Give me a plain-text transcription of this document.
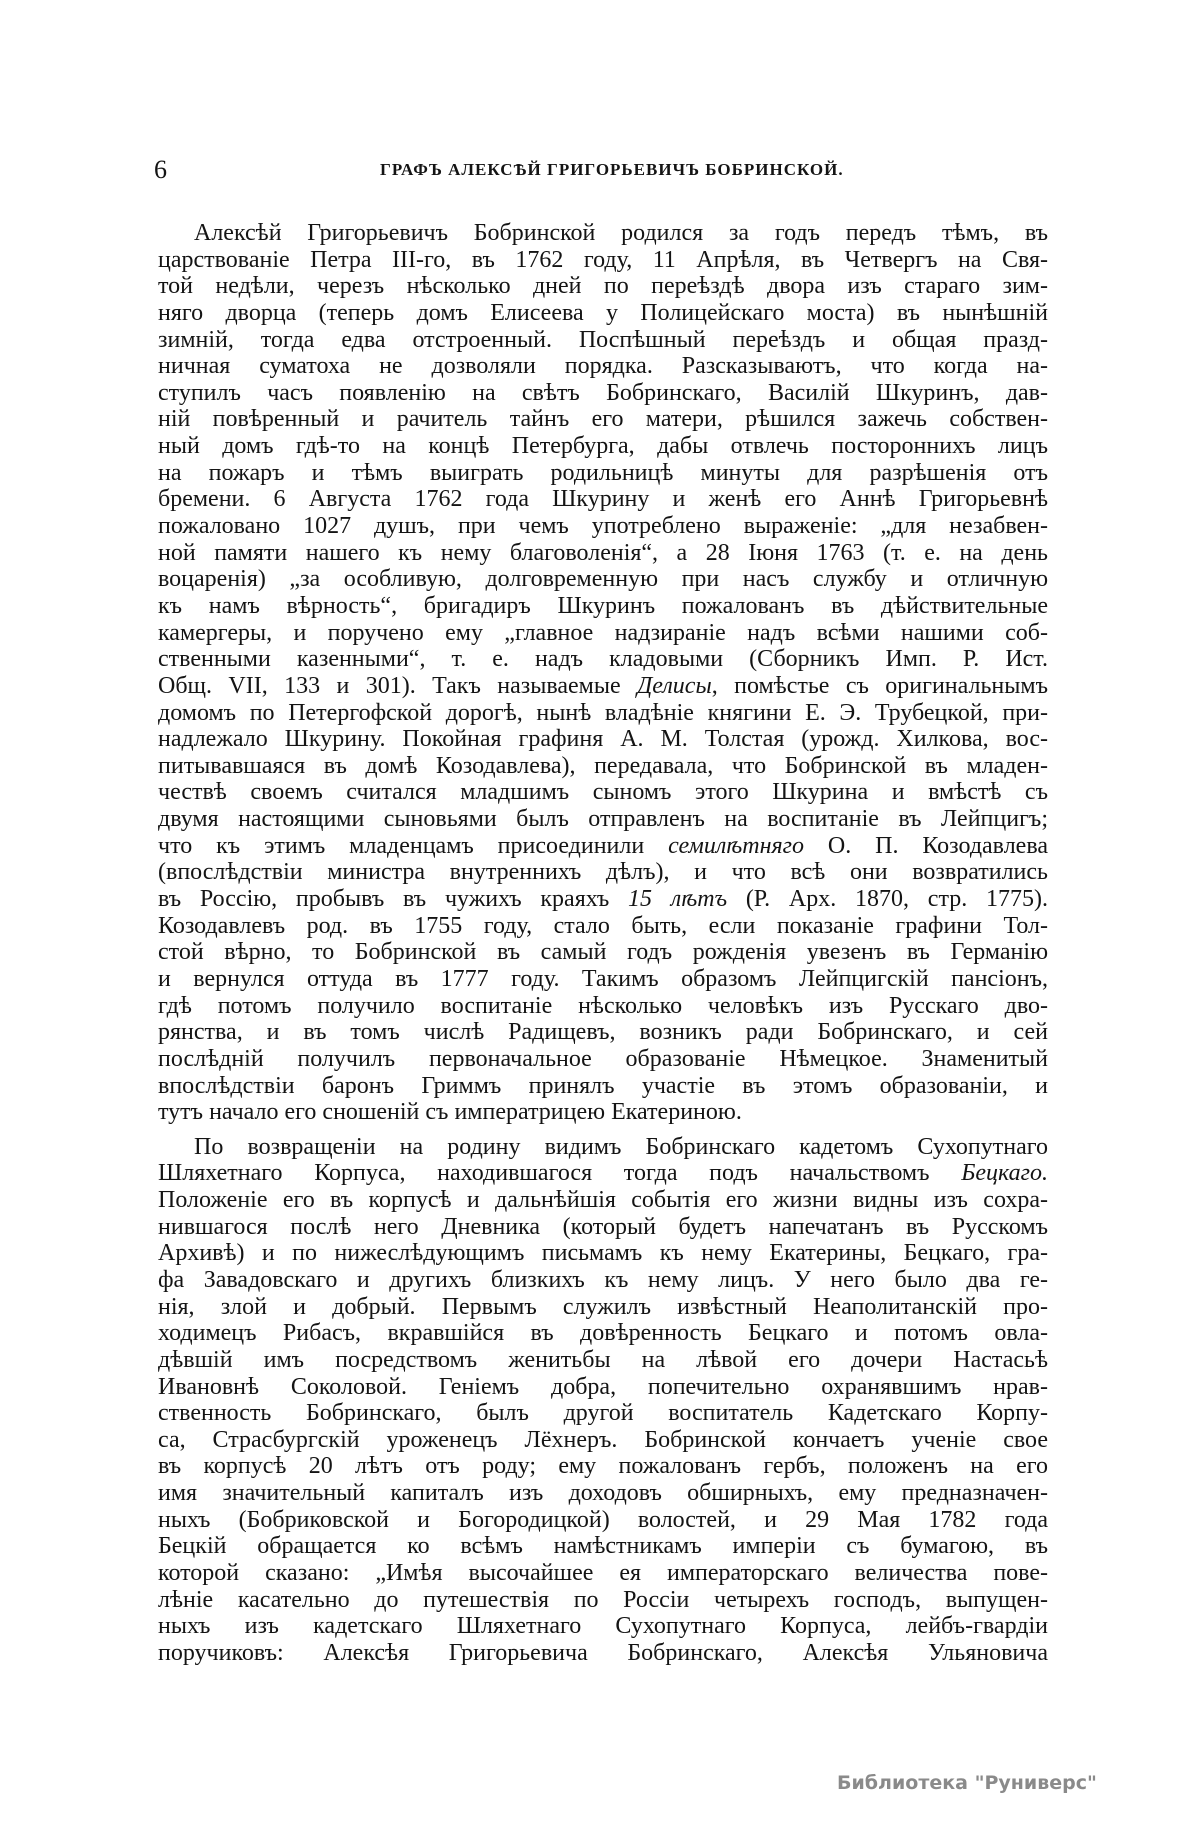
6	ГРАФЪ АЛЕКСѢЙ ГРИГОРЬЕВИЧЪ БОБРИНСКОЙ.
Алексѣй Григорьевичъ Бобринской родился за годъ передъ тѣмъ, въ
царствованіе Петра III-го, въ 1762 году, 11 Апрѣля, въ Четвергъ на Свя-
той недѣли, черезъ нѣсколько дней по переѣздѣ двора изъ стараго зим-
няго дворца (теперь домъ Елисеева у Полицейскаго моста) въ нынѣшній
зимній, тогда едва отстроенный. Поспѣшный переѣздъ и общая празд-
ничная суматоха не дозволяли порядка. Разсказываютъ, что когда на-
ступилъ часъ появленію на свѣтъ Бобринскаго, Василій Шкуринъ, дав-
ній повѣренный и рачитель тайнъ его матери, рѣшился зажечь собствен-
ный домъ гдѣ-то на концѣ Петербурга, дабы отвлечь постороннихъ лицъ
на пожаръ и тѣмъ выиграть родильницѣ минуты для разрѣшенія отъ
бремени. 6 Августа 1762 года Шкурину и женѣ его Аннѣ Григорьевнѣ
пожаловано 1027 душъ, при чемъ употреблено выраженіе: „для незабвен-
ной памяти нашего къ нему благоволенія“, а 28 Іюня 1763 (т. е. на день
воцаренія) „за особливую, долговременную при насъ службу и отличную
къ намъ вѣрность“, бригадиръ Шкуринъ пожалованъ въ дѣйствительные
камергеры, и поручено ему „главное надзираніе надъ всѣми нашими соб-
ственными казенными“, т. е. надъ кладовыми (Сборникъ Имп. Р. Ист.
Общ. VII, 133 и 301). Такъ называемые Делисы, помѣстье съ оригинальнымъ
домомъ по Петергофской дорогѣ, нынѣ владѣніе княгини Е. Э. Трубецкой, при-
надлежало Шкурину. Покойная графиня А. М. Толстая (урожд. Хилкова, вос-
питывавшаяся въ домѣ Козодавлева), передавала, что Бобринской въ младен-
чествѣ своемъ считался младшимъ сыномъ этого Шкурина и вмѣстѣ съ
двумя настоящими сыновьями былъ отправленъ на воспитаніе въ Лейпцигъ;
что къ этимъ младенцамъ присоединили семилѣтняго О. П. Козодавлева
(впослѣдствіи министра внутреннихъ дѣлъ), и что всѣ они возвратились
въ Россію, пробывъ въ чужихъ краяхъ 15 лѣтъ (Р. Арх. 1870, стр. 1775).
Козодавлевъ род. въ 1755 году, стало быть, если показаніе графини Тол-
стой вѣрно, то Бобринской въ самый годъ рожденія увезенъ въ Германію
и вернулся оттуда въ 1777 году. Такимъ образомъ Лейпцигскій пансіонъ,
гдѣ потомъ получило воспитаніе нѣсколько человѣкъ изъ Русскаго дво-
рянства, и въ томъ числѣ Радищевъ, возникъ ради Бобринскаго, и сей
послѣдній получилъ первоначальное образованіе Нѣмецкое. Знаменитый
впослѣдствіи баронъ Гриммъ принялъ участіе въ этомъ образованіи, и
тутъ начало его сношеній съ императрицею Екатериною.
По возвращеніи на родину видимъ Бобринскаго кадетомъ Сухопутнаго
Шляхетнаго Корпуса, находившагося тогда подъ начальствомъ Бецкаго.
Положеніе его въ корпусѣ и дальнѣйшія событія его жизни видны изъ сохра-
нившагося послѣ него Дневника (который будетъ напечатанъ въ Русскомъ
Архивѣ) и по нижеслѣдующимъ письмамъ къ нему Екатерины, Бецкаго, гра-
фа Завадовскаго и другихъ близкихъ къ нему лицъ. У него было два ге-
нія, злой и добрый. Первымъ служилъ извѣстный Неаполитанскій про-
ходимецъ Рибасъ, вкравшійся въ довѣренность Бецкаго и потомъ овла-
дѣвшій имъ посредствомъ женитьбы на лѣвой его дочери Настасьѣ
Ивановнѣ Соколовой. Геніемъ добра, попечительно охранявшимъ нрав-
ственность Бобринскаго, былъ другой воспитатель Кадетскаго Корпу-
са, Страсбургскій уроженецъ Лёхнеръ. Бобринской кончаетъ ученіе свое
въ корпусѣ 20 лѣтъ отъ роду; ему пожалованъ гербъ, положенъ на его
имя значительный капиталъ изъ доходовъ обширныхъ, ему предназначен-
ныхъ (Бобриковской и Богородицкой) волостей, и 29 Мая 1782 года
Бецкій обращается ко всѣмъ намѣстникамъ имперіи съ бумагою, въ
которой сказано: „Имѣя высочайшее ея императорскаго величества пове-
лѣніе касательно до путешествія по Россіи четырехъ господъ, выпущен-
ныхъ изъ кадетскаго Шляхетнаго Сухопутнаго Корпуса, лейбъ-гвардіи
поручиковъ: Алексѣя Григорьевича Бобринскаго, Алексѣя Ульяновича
Библиотека "Руниверс"
